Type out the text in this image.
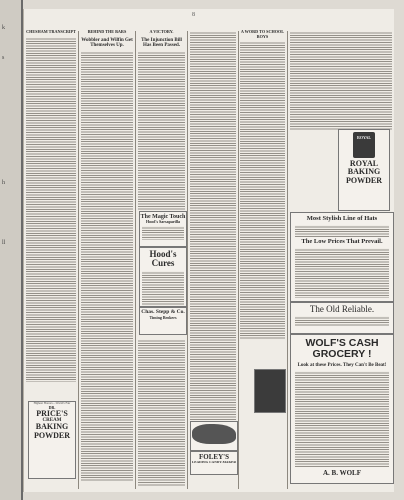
k
s
h
ll
8
CHESHAM TRANSCRIPT
Highest Honors—World's Fair
DR.
PRICE'S
CREAM
BAKING
POWDER
BEHIND THE BARS
Wobbler and Wilfin Get Themselves Up.
A VICTORY.
The Injunction Bill Has Been Passed.
The Magic Touch
Hood's Sarsaparilla
Hood's Cures
Chas. Stepp & Co.
Timing Brokers
FOLEY'S
LEADING CANDY-MAKER
A WORD TO SCHOOL BOYS
ROYAL
ROYAL
BAKING
POWDER
Most Stylish Line of Hats
The Low Prices That Prevail.
The Old Reliable.
WOLF'S CASH GROCERY !
Look at these Prices. They Can't Be Beat!
A. B. WOLF
